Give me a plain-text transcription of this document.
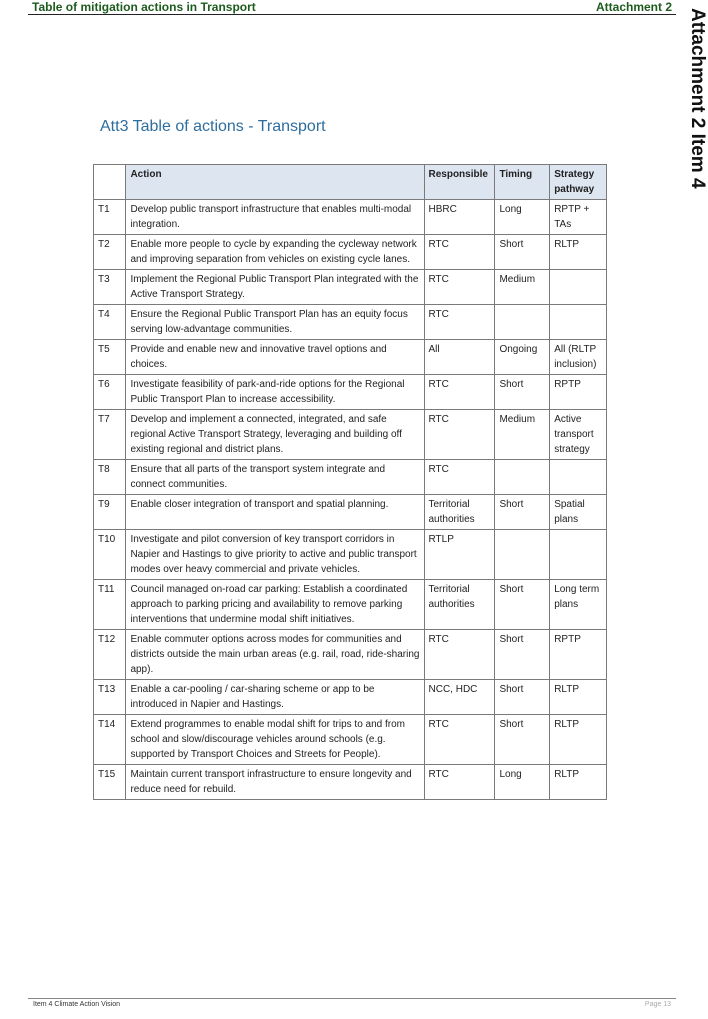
Table of mitigation actions in Transport	Attachment 2
Attachment 2 Item 4
Att3 Table of actions - Transport
	Action	Responsible	Timing	Strategy pathway
T1	Develop public transport infrastructure that enables multi-modal integration.	HBRC	Long	RPTP + TAs
T2	Enable more people to cycle by expanding the cycleway network and improving separation from vehicles on existing cycle lanes.	RTC	Short	RLTP
T3	Implement the Regional Public Transport Plan integrated with the Active Transport Strategy.	RTC	Medium	
T4	Ensure the Regional Public Transport Plan has an equity focus serving low-advantage communities.	RTC		
T5	Provide and enable new and innovative travel options and choices.	All	Ongoing	All (RLTP inclusion)
T6	Investigate feasibility of park-and-ride options for the Regional Public Transport Plan to increase accessibility.	RTC	Short	RPTP
T7	Develop and implement a connected, integrated, and safe regional Active Transport Strategy, leveraging and building off existing regional and district plans.	RTC	Medium	Active transport strategy
T8	Ensure that all parts of the transport system integrate and connect communities.	RTC		
T9	Enable closer integration of transport and spatial planning.	Territorial authorities	Short	Spatial plans
T10	Investigate and pilot conversion of key transport corridors in Napier and Hastings to give priority to active and public transport modes over heavy commercial and private vehicles.	RTLP		
T11	Council managed on-road car parking: Establish a coordinated approach to parking pricing and availability to remove parking interventions that undermine modal shift initiatives.	Territorial authorities	Short	Long term plans
T12	Enable commuter options across modes for communities and districts outside the main urban areas (e.g. rail, road, ride-sharing app).	RTC	Short	RPTP
T13	Enable a car-pooling / car-sharing scheme or app to be introduced in Napier and Hastings.	NCC, HDC	Short	RLTP
T14	Extend programmes to enable modal shift for trips to and from school and slow/discourage vehicles around schools (e.g. supported by Transport Choices and Streets for People).	RTC	Short	RLTP
T15	Maintain current transport infrastructure to ensure longevity and reduce need for rebuild.	RTC	Long	RLTP
Item 4 Climate Action Vision	Page 13
